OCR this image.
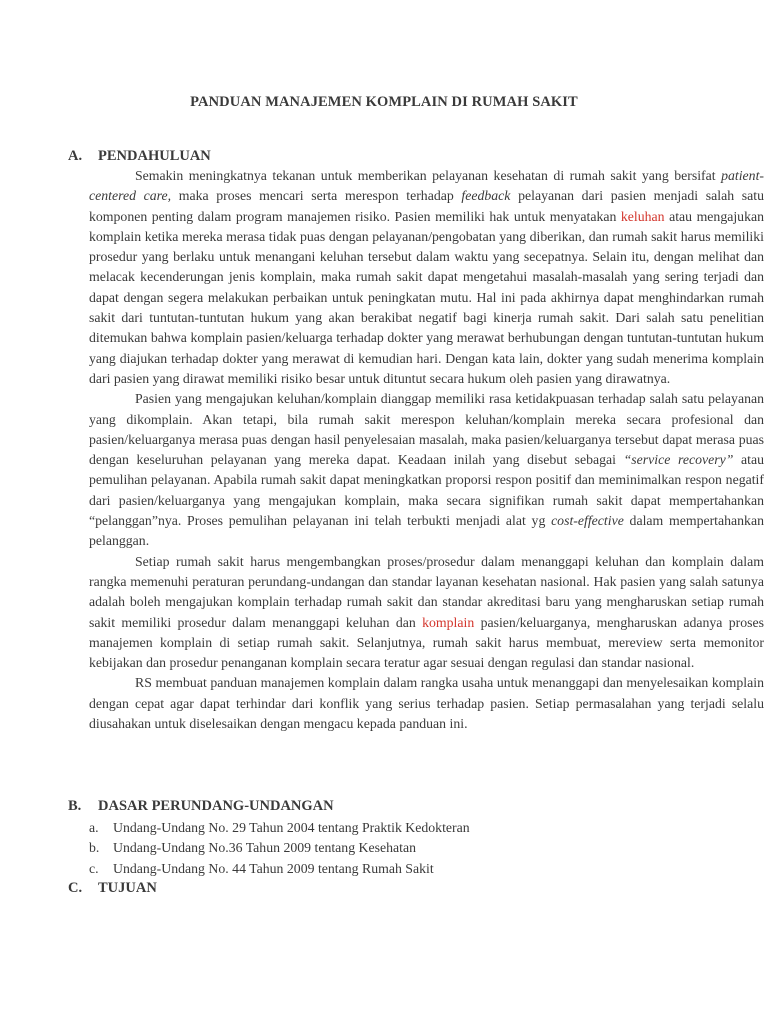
PANDUAN MANAJEMEN KOMPLAIN DI RUMAH SAKIT
A. PENDAHULUAN

Semakin meningkatnya tekanan untuk memberikan pelayanan kesehatan di rumah sakit yang bersifat patient-centered care, maka proses mencari serta merespon terhadap feedback pelayanan dari pasien menjadi salah satu komponen penting dalam program manajemen risiko. Pasien memiliki hak untuk menyatakan keluhan atau mengajukan komplain ketika mereka merasa tidak puas dengan pelayanan/pengobatan yang diberikan, dan rumah sakit harus memiliki prosedur yang berlaku untuk menangani keluhan tersebut dalam waktu yang secepatnya. Selain itu, dengan melihat dan melacak kecenderungan jenis komplain, maka rumah sakit dapat mengetahui masalah-masalah yang sering terjadi dan dapat dengan segera melakukan perbaikan untuk peningkatan mutu. Hal ini pada akhirnya dapat menghindarkan rumah sakit dari tuntutan-tuntutan hukum yang akan berakibat negatif bagi kinerja rumah sakit. Dari salah satu penelitian ditemukan bahwa komplain pasien/keluarga terhadap dokter yang merawat berhubungan dengan tuntutan-tuntutan hukum yang diajukan terhadap dokter yang merawat di kemudian hari. Dengan kata lain, dokter yang sudah menerima komplain dari pasien yang dirawat memiliki risiko besar untuk dituntut secara hukum oleh pasien yang dirawatnya.

Pasien yang mengajukan keluhan/komplain dianggap memiliki rasa ketidakpuasan terhadap salah satu pelayanan yang dikomplain. Akan tetapi, bila rumah sakit merespon keluhan/komplain mereka secara profesional dan pasien/keluarganya merasa puas dengan hasil penyelesaian masalah, maka pasien/keluarganya tersebut dapat merasa puas dengan keseluruhan pelayanan yang mereka dapat. Keadaan inilah yang disebut sebagai “service recovery” atau pemulihan pelayanan. Apabila rumah sakit dapat meningkatkan proporsi respon positif dan meminimalkan respon negatif dari pasien/keluarganya yang mengajukan komplain, maka secara signifikan rumah sakit dapat mempertahankan “pelanggan”nya. Proses pemulihan pelayanan ini telah terbukti menjadi alat yg cost-effective dalam mempertahankan pelanggan.

Setiap rumah sakit harus mengembangkan proses/prosedur dalam menanggapi keluhan dan komplain dalam rangka memenuhi peraturan perundang-undangan dan standar layanan kesehatan nasional. Hak pasien yang salah satunya adalah boleh mengajukan komplain terhadap rumah sakit dan standar akreditasi baru yang mengharuskan setiap rumah sakit memiliki prosedur dalam menanggapi keluhan dan komplain pasien/keluarganya, mengharuskan adanya proses manajemen komplain di setiap rumah sakit. Selanjutnya, rumah sakit harus membuat, mereview serta memonitor kebijakan dan prosedur penanganan komplain secara teratur agar sesuai dengan regulasi dan standar nasional.

RS membuat panduan manajemen komplain dalam rangka usaha untuk menanggapi dan menyelesaikan komplain dengan cepat agar dapat terhindar dari konflik yang serius terhadap pasien. Setiap permasalahan yang terjadi selalu diusahakan untuk diselesaikan dengan mengacu kepada panduan ini.

B. DASAR PERUNDANG-UNDANGAN
a. Undang-Undang No. 29 Tahun 2004 tentang Praktik Kedokteran
b. Undang-Undang No.36 Tahun 2009 tentang Kesehatan
c. Undang-Undang No. 44 Tahun 2009 tentang Rumah Sakit
C. TUJUAN
